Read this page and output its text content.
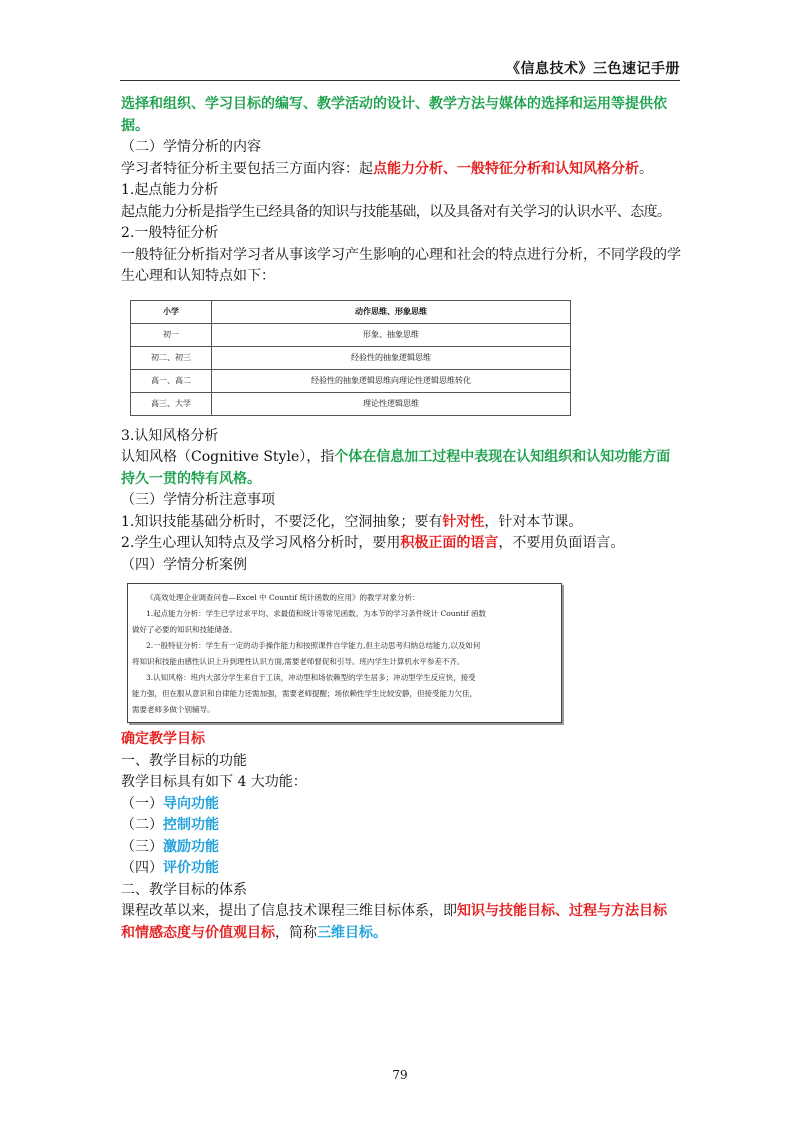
《信息技术》三色速记手册

选择和组织、学习目标的编写、教学活动的设计、教学方法与媒体的选择和运用等提供依
据。

（二）学情分析的内容

学习者特征分析主要包括三方面内容：起点能力分析、一般特征分析和认知风格分析。

1.起点能力分析

起点能力分析是指学生已经具备的知识与技能基础，以及具备对有关学习的认识水平、态度。

2.一般特征分析

一般特征分析指对学习者从事该学习产生影响的心理和社会的特点进行分析，不同学段的学
生心理和认知特点如下：

小学	动作思维、形象思维
初一	形象、抽象思维
初二、初三	经验性的抽象逻辑思维
高一、高二	经验性的抽象逻辑思维向理论性逻辑思维转化
高三、大学	理论性逻辑思维

3.认知风格分析

认知风格（Cognitive Style），指个体在信息加工过程中表现在认知组织和认知功能方面
持久一贯的特有风格。

（三）学情分析注意事项

1.知识技能基础分析时，不要泛化，空洞抽象；要有针对性，针对本节课。

2.学生心理认知特点及学习风格分析时，要用积极正面的语言，不要用负面语言。

（四）学情分析案例

《高效处理企业调查问卷—Excel 中 Countif 统计函数的应用》的教学对象分析：

1.起点能力分析：学生已学过求平均、求最值和统计等常见函数。为本节的学习条件统计 Countif 函数

做好了必要的知识和技能储备。

2.一般特征分析：学生有一定的动手操作能力和按照课件自学能力,但主动思考归纳总结能力,以及如何

将知识和技能由感性认识上升到理性认识方面,需要老师督促和引导。班内学生计算机水平参差不齐。

3.认知风格：班内大部分学生来自于工读，冲动型和场依赖型的学生居多；冲动型学生反应快，接受

能力强，但在服从意识和自律能力还需加强，需要老师提醒；场依赖性学生比较安静，但接受能力欠佳，

需要老师多做个别辅导。

确定教学目标

一、教学目标的功能

教学目标具有如下 4 大功能：

（一）导向功能

（二）控制功能

（三）激励功能

（四）评价功能

二、教学目标的体系

课程改革以来，提出了信息技术课程三维目标体系，即知识与技能目标、过程与方法目标
和情感态度与价值观目标，简称三维目标。

79
